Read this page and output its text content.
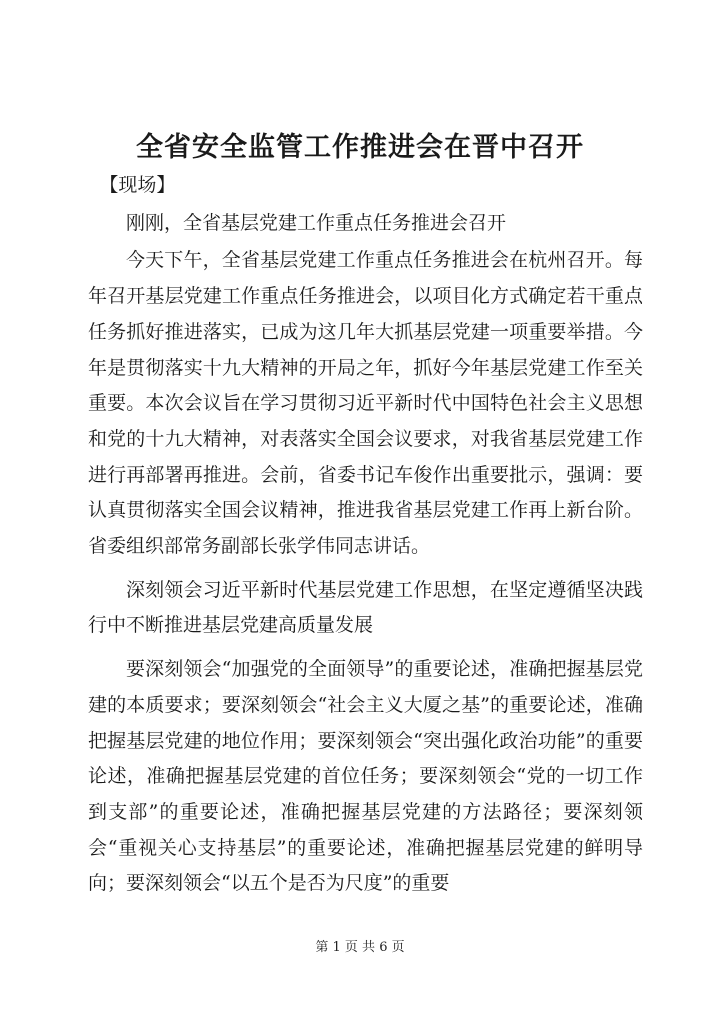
全省安全监管工作推进会在晋中召开

【现场】

刚刚，全省基层党建工作重点任务推进会召开

今天下午，全省基层党建工作重点任务推进会在杭州召开。每年召开基层党建工作重点任务推进会，以项目化方式确定若干重点任务抓好推进落实，已成为这几年大抓基层党建一项重要举措。今年是贯彻落实十九大精神的开局之年，抓好今年基层党建工作至关重要。本次会议旨在学习贯彻习近平新时代中国特色社会主义思想和党的十九大精神，对表落实全国会议要求，对我省基层党建工作进行再部署再推进。会前，省委书记车俊作出重要批示，强调：要认真贯彻落实全国会议精神，推进我省基层党建工作再上新台阶。省委组织部常务副部长张学伟同志讲话。

深刻领会习近平新时代基层党建工作思想，在坚定遵循坚决践行中不断推进基层党建高质量发展

要深刻领会“加强党的全面领导”的重要论述，准确把握基层党建的本质要求；要深刻领会“社会主义大厦之基”的重要论述，准确把握基层党建的地位作用；要深刻领会“突出强化政治功能”的重要论述，准确把握基层党建的首位任务；要深刻领会“党的一切工作到支部”的重要论述，准确把握基层党建的方法路径；要深刻领会“重视关心支持基层”的重要论述，准确把握基层党建的鲜明导向；要深刻领会“以五个是否为尺度”的重要

第 1 页 共 6 页
